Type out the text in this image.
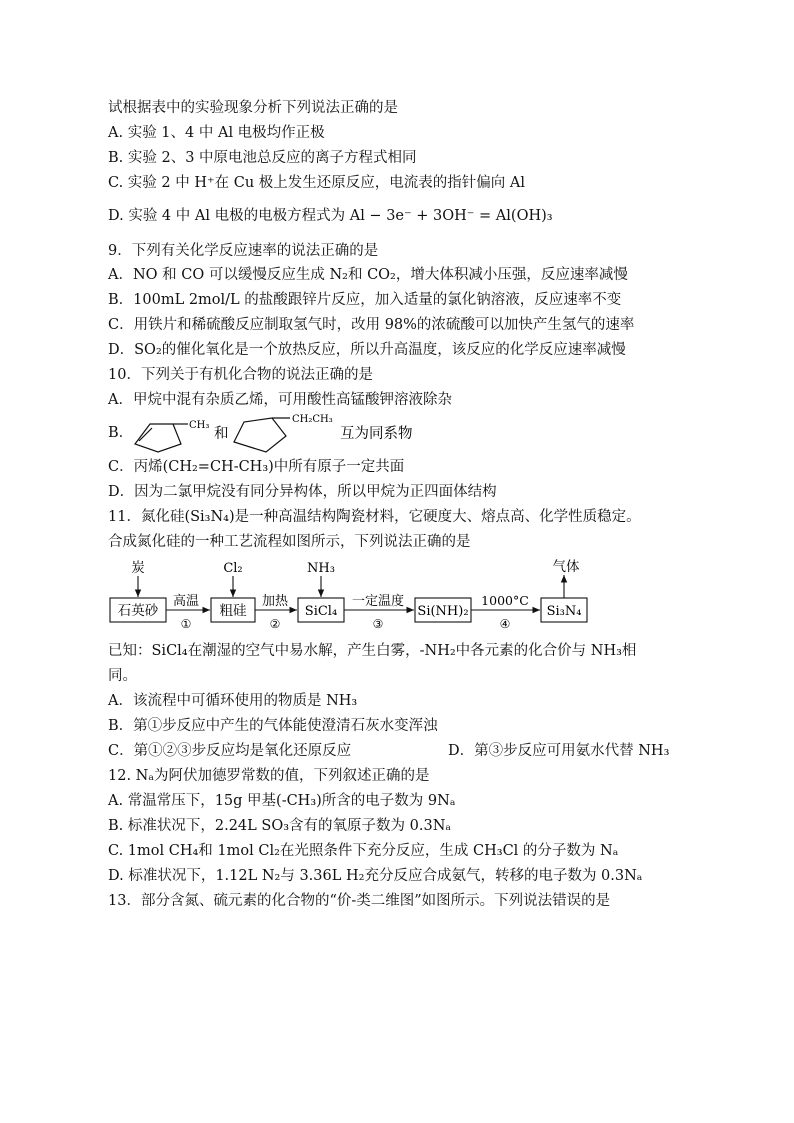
试根据表中的实验现象分析下列说法正确的是
A. 实验 1、4 中 Al 电极均作正极
B. 实验 2、3 中原电池总反应的离子方程式相同
C. 实验 2 中 H⁺在 Cu 极上发生还原反应，电流表的指针偏向 Al
D. 实验 4 中 Al 电极的电极方程式为 Al − 3e⁻ + 3OH⁻ = Al(OH)₃
9．下列有关化学反应速率的说法正确的是
A．NO 和 CO 可以缓慢反应生成 N₂和 CO₂，增大体积减小压强，反应速率减慢
B．100mL 2mol/L 的盐酸跟锌片反应，加入适量的氯化钠溶液，反应速率不变
C．用铁片和稀硫酸反应制取氢气时，改用 98%的浓硫酸可以加快产生氢气的速率
D．SO₂的催化氧化是一个放热反应，所以升高温度，该反应的化学反应速率减慢
10．下列关于有机化合物的说法正确的是
A．甲烷中混有杂质乙烯，可用酸性高锰酸钾溶液除杂
B．	CH₃
和
CH₂CH₃
互为同系物
C．丙烯(CH₂=CH-CH₃)中所有原子一定共面
D．因为二氯甲烷没有同分异构体，所以甲烷为正四面体结构
11．氮化硅(Si₃N₄)是一种高温结构陶瓷材料，它硬度大、熔点高、化学性质稳定。
合成氮化硅的一种工艺流程如图所示，下列说法正确的是
石英砂	粗硅	SiCl₄	Si(NH)₂	Si₃N₄
高温
①
加热
②
一定温度
③
1000°C
④
炭	Cl₂	NH₃	气体
已知：SiCl₄在潮湿的空气中易水解，产生白雾，-NH₂中各元素的化合价与 NH₃相
同。
A．该流程中可循环使用的物质是 NH₃
B．第①步反应中产生的气体能使澄清石灰水变浑浊
C．第①②③步反应均是氧化还原反应	D．第③步反应可用氨水代替 NH₃
12. Nₐ为阿伏加德罗常数的值，下列叙述正确的是
A. 常温常压下，15g 甲基(-CH₃)所含的电子数为 9Nₐ
B. 标准状况下，2.24L SO₃含有的氧原子数为 0.3Nₐ
C. 1mol CH₄和 1mol Cl₂在光照条件下充分反应，生成 CH₃Cl 的分子数为 Nₐ
D. 标准状况下，1.12L N₂与 3.36L H₂充分反应合成氨气，转移的电子数为 0.3Nₐ
13．部分含氮、硫元素的化合物的“价-类二维图”如图所示。下列说法错误的是
